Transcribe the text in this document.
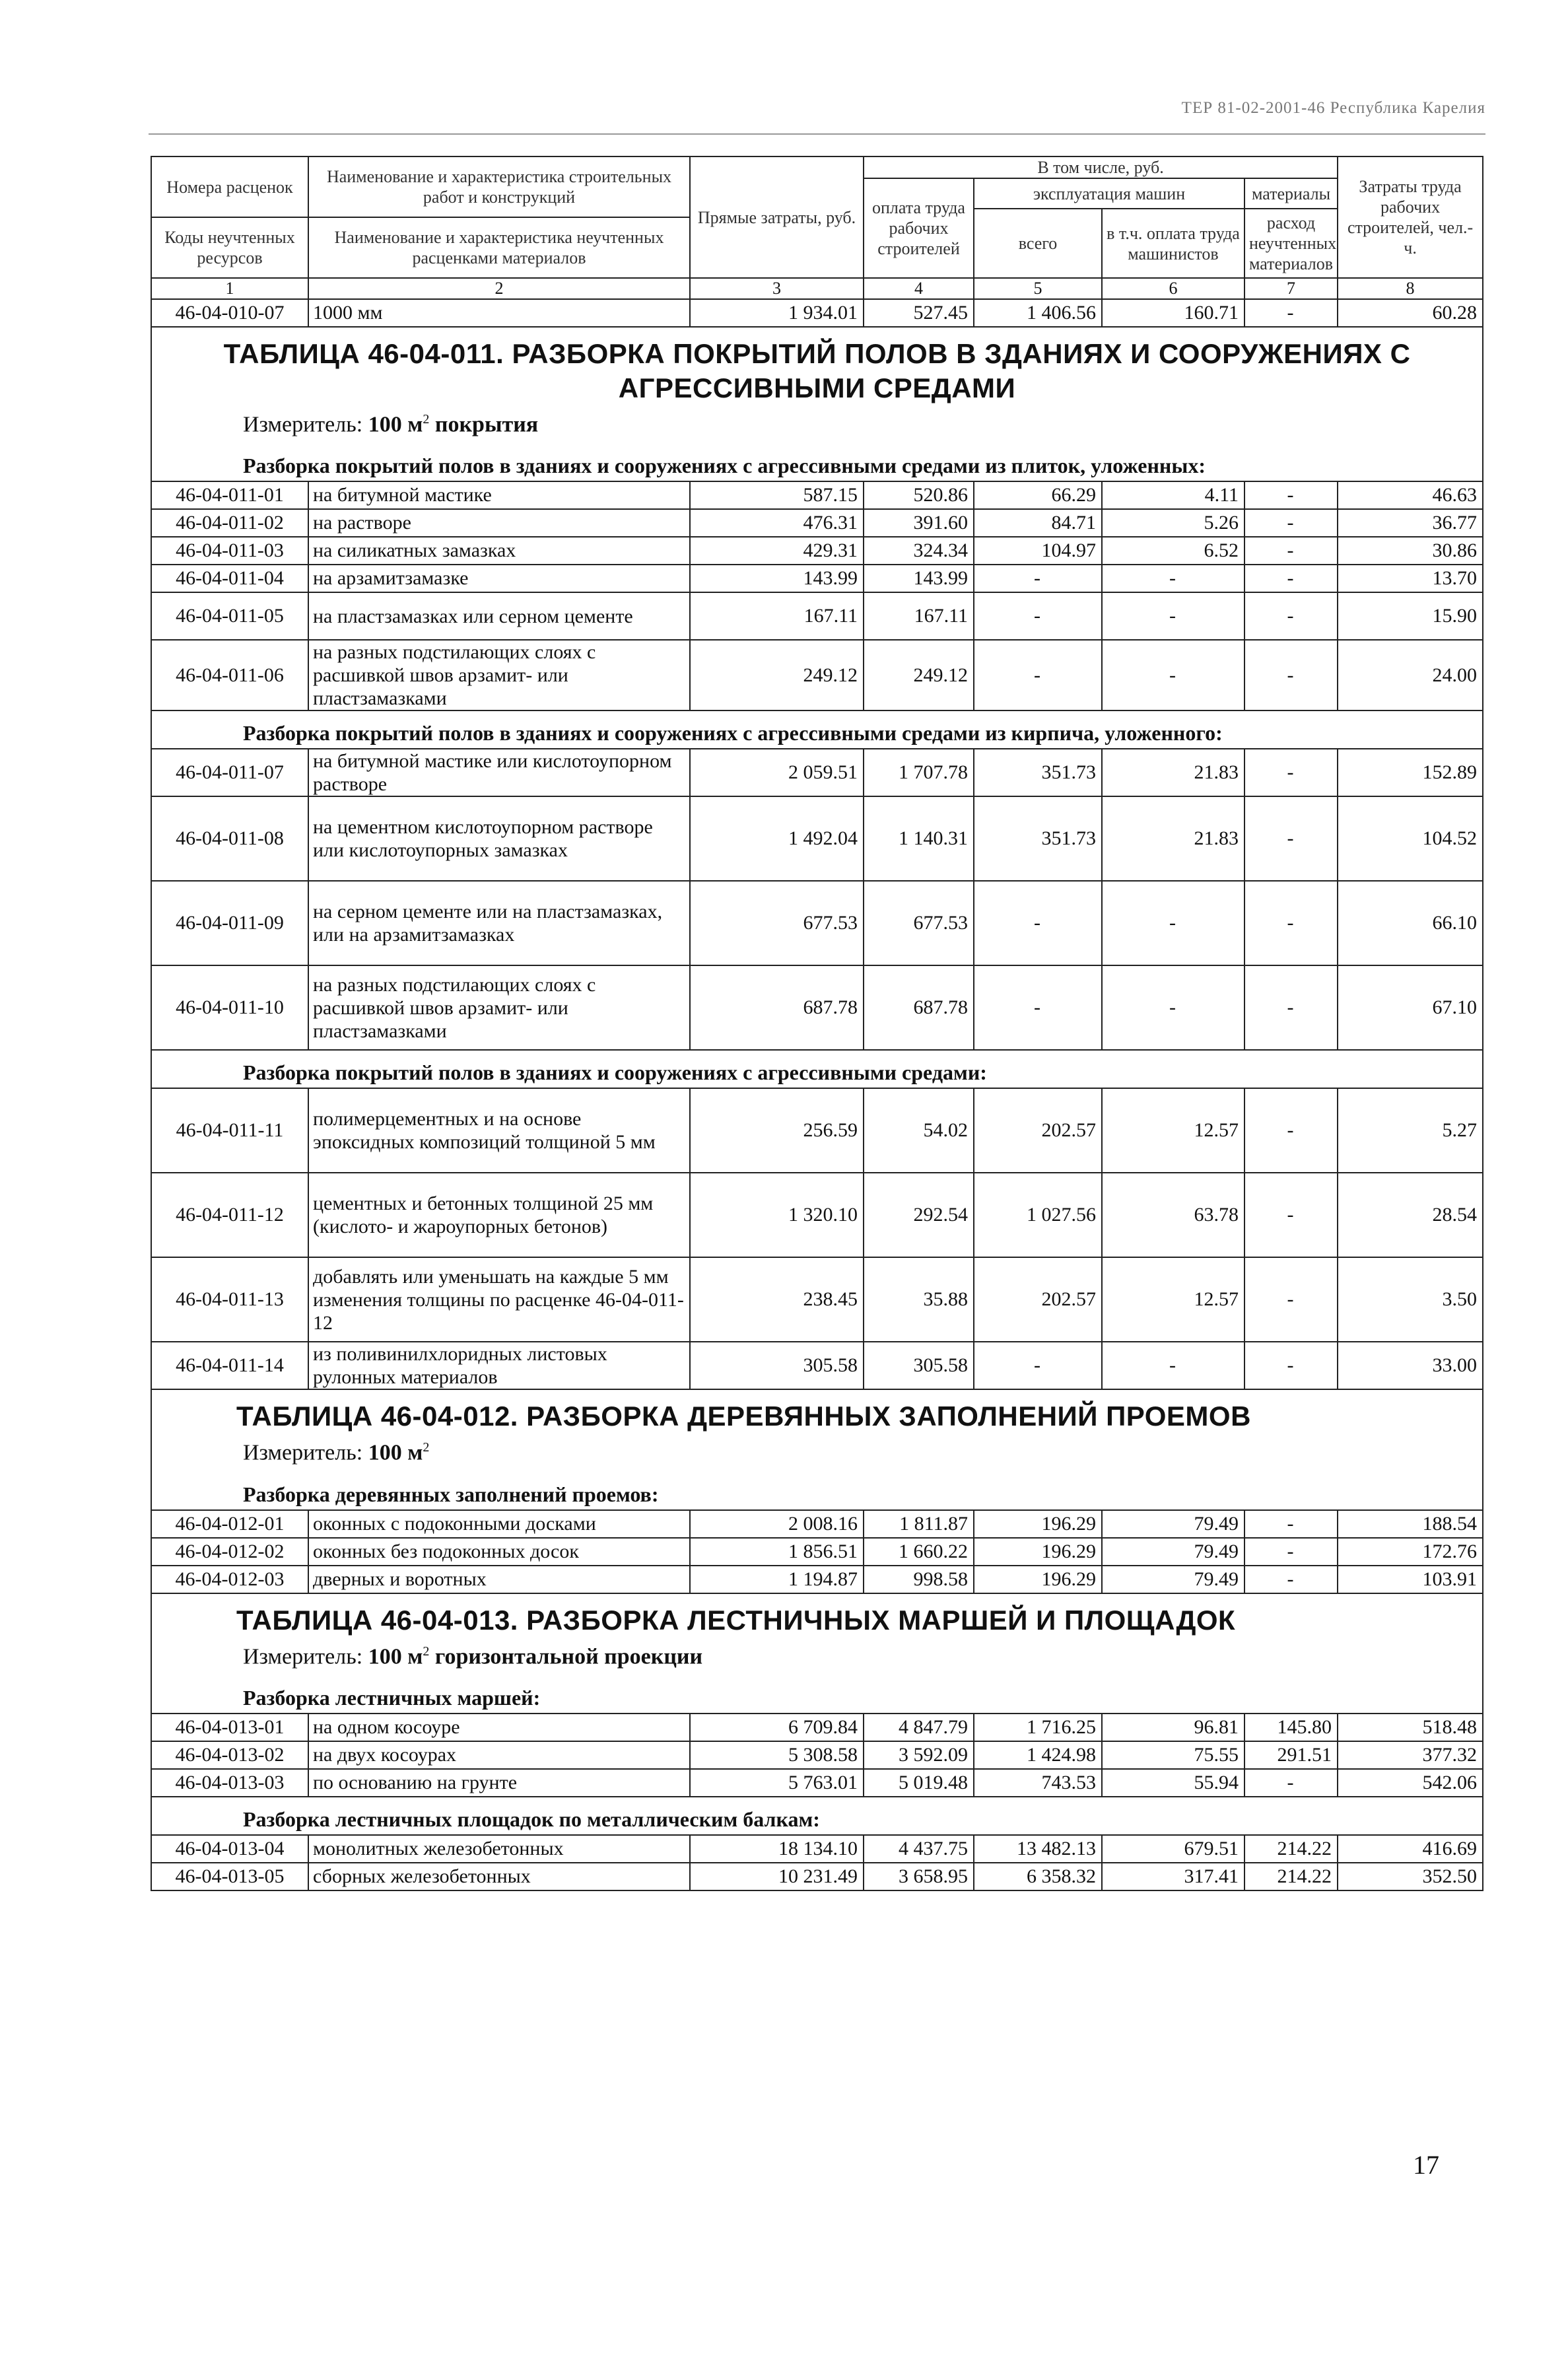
ТЕР 81-02-2001-46 Республика Карелия
Номера расценок	Наименование и характеристика строительных работ и конструкций	Прямые затраты, руб.	В том числе, руб.				Затраты труда рабочих строителей, чел.-ч.
			оплата труда рабочих строителей	эксплуатация машин		материалы	
				всего	в т.ч. оплата труда машинистов	расход неучтенных материалов	
Коды неучтенных ресурсов	Наименование и характеристика неучтенных расценками материалов						

1	2	3	4	5	6	7	8
46-04-010-07	1000 мм	1 934.01	527.45	1 406.56	160.71	-	60.28

ТАБЛИЦА 46-04-011. РАЗБОРКА ПОКРЫТИЙ ПОЛОВ В ЗДАНИЯХ И СООРУЖЕНИЯХ С АГРЕССИВНЫМИ СРЕДАМИ							

Измеритель: 100 $м^2$ покрытия							

Разборка покрытий полов в зданиях и сооружениях с агрессивными средами из плиток, уложенных:							

46-04-011-01	на битумной мастике	587.15	520.86	66.29	4.11	-	46.63
46-04-011-02	на растворе	476.31	391.60	84.71	5.26	-	36.77
46-04-011-03	на силикатных замазках	429.31	324.34	104.97	6.52	-	30.86
46-04-011-04	на арзамитзамазке	143.99	143.99	-	-	-	13.70
46-04-011-05	на пластзамазках или серном цементе	167.11	167.11	-	-	-	15.90
46-04-011-06	на разных подстилающих слоях с расшивкой швов арзамит- или пластзамазками	249.12	249.12	-	-	-	24.00

Разборка покрытий полов в зданиях и сооружениях с агрессивными средами из кирпича, уложенного:							

46-04-011-07	на битумной мастике или кислотоупорном растворе	2 059.51	1 707.78	351.73	21.83	-	152.89
46-04-011-08	на цементном кислотоупорном растворе или кислотоупорных замазках	1 492.04	1 140.31	351.73	21.83	-	104.52
46-04-011-09	на серном цементе или на пластзамазках, или на арзамитзамазках	677.53	677.53	-	-	-	66.10
46-04-011-10	на разных подстилающих слоях с расшивкой швов арзамит- или пластзамазками	687.78	687.78	-	-	-	67.10

Разборка покрытий полов в зданиях и сооружениях с агрессивными средами:							

46-04-011-11	полимерцементных и на основе эпоксидных композиций толщиной 5 мм	256.59	54.02	202.57	12.57	-	5.27
46-04-011-12	цементных и бетонных толщиной 25 мм (кислото- и жароупорных бетонов)	1 320.10	292.54	1 027.56	63.78	-	28.54
46-04-011-13	добавлять или уменьшать на каждые 5 мм изменения толщины по расценке 46-04-011-12	238.45	35.88	202.57	12.57	-	3.50
46-04-011-14	из поливинилхлоридных листовых рулонных материалов	305.58	305.58	-	-	-	33.00

ТАБЛИЦА 46-04-012. РАЗБОРКА ДЕРЕВЯННЫХ ЗАПОЛНЕНИЙ ПРОЕМОВ							

Измеритель: 100 $м^2$

Разборка деревянных заполнений проемов:							

46-04-012-01	оконных с подоконными досками	2 008.16	1 811.87	196.29	79.49	-	188.54
46-04-012-02	оконных без подоконных досок	1 856.51	1 660.22	196.29	79.49	-	172.76
46-04-012-03	дверных и воротных	1 194.87	998.58	196.29	79.49	-	103.91

ТАБЛИЦА 46-04-013. РАЗБОРКА ЛЕСТНИЧНЫХ МАРШЕЙ И ПЛОЩАДОК							

Измеритель: 100 $м^2$ горизонтальной проекции							

Разборка лестничных маршей:							

46-04-013-01	на одном косоуре	6 709.84	4 847.79	1 716.25	96.81	145.80	518.48
46-04-013-02	на двух косоурах	5 308.58	3 592.09	1 424.98	75.55	291.51	377.32
46-04-013-03	по основанию на грунте	5 763.01	5 019.48	743.53	55.94	-	542.06

Разборка лестничных площадок по металлическим балкам:							

46-04-013-04	монолитных железобетонных	18 134.10	4 437.75	13 482.13	679.51	214.22	416.69
46-04-013-05	сборных железобетонных	10 231.49	3 658.95	6 358.32	317.41	214.22	352.50
17
